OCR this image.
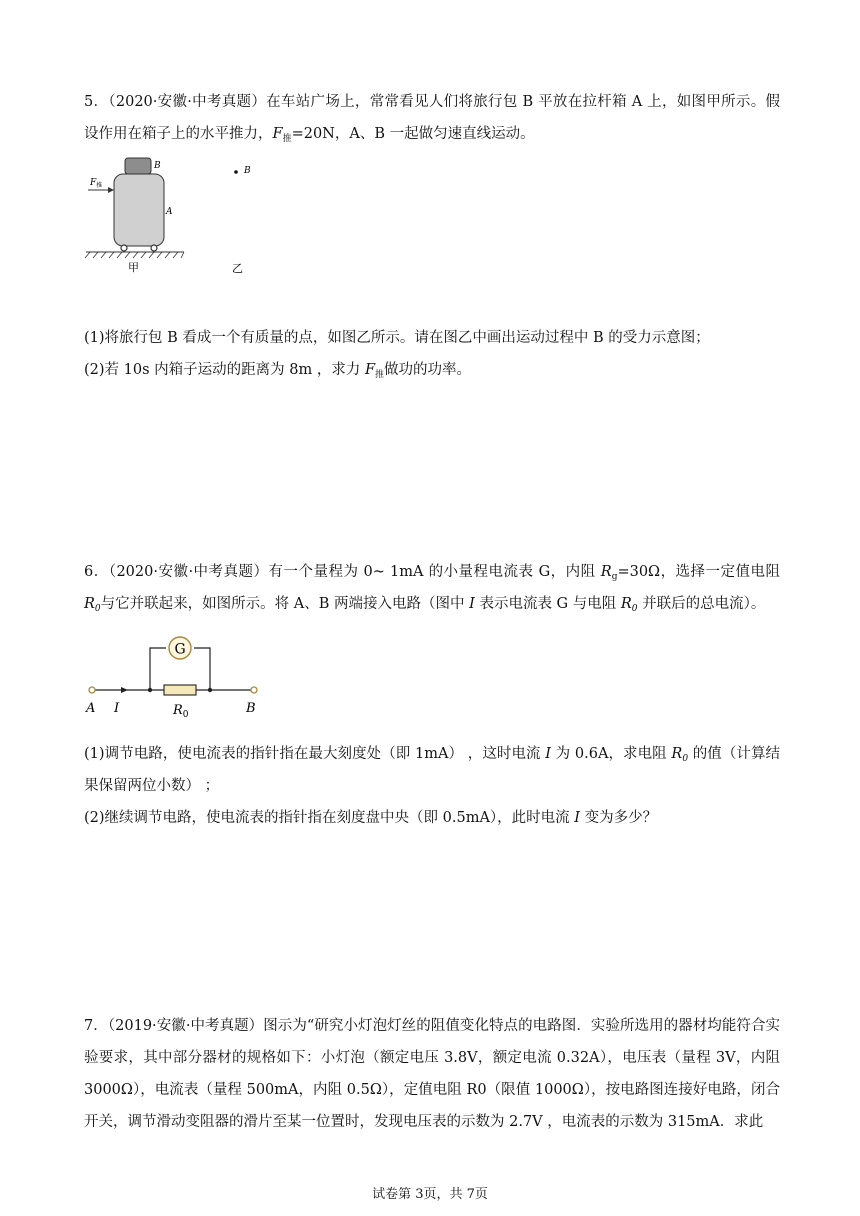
5．（2020·安徽·中考真题）在车站广场上，常常看见人们将旅行包 B 平放在拉杆箱 A 上，如图甲所示。假设作用在箱子上的水平推力，$F_推=20N$，A、B 一起做匀速直线运动。

$F_推$
B
A
甲
B
乙

(1)将旅行包 B 看成一个有质量的点，如图乙所示。请在图乙中画出运动过程中 B 的受力示意图；

(2)若 10s 内箱子运动的距离为 8m ，求力 $F_推$做功的功率。

6．（2020·安徽·中考真题）有一个量程为 0~ 1mA 的小量程电流表 G，内阻 $R_g=30\Omega$，选择一定值电阻 $R_0$与它并联起来，如图所示。将 A、B 两端接入电路（图中 I 表示电流表 G 与电阻 $R_0$ 并联后的总电流）。

G
A I	$R_0$	B

(1)调节电路，使电流表的指针指在最大刻度处（即 1mA） ，这时电流 I 为 0.6A，求电阻 $R_0$ 的值（计算结果保留两位小数） ；

(2)继续调节电路，使电流表的指针指在刻度盘中央（即 0.5mA），此时电流 I 变为多少？

7．（2019·安徽·中考真题）图示为“研究小灯泡灯丝的阻值变化特点的电路图．实验所选用的器材均能符合实验要求，其中部分器材的规格如下：小灯泡（额定电压 3.8V，额定电流 0.32A），电压表（量程 3V，内阻 3000Ω），电流表（量程 500mA，内阻 0.5Ω），定值电阻 R0（限值 1000Ω），按电路图连接好电路，闭合开关，调节滑动变阻器的滑片至某一位置时，发现电压表的示数为 2.7V ，电流表的示数为 315mA．求此

试卷第 3页，共 7页
